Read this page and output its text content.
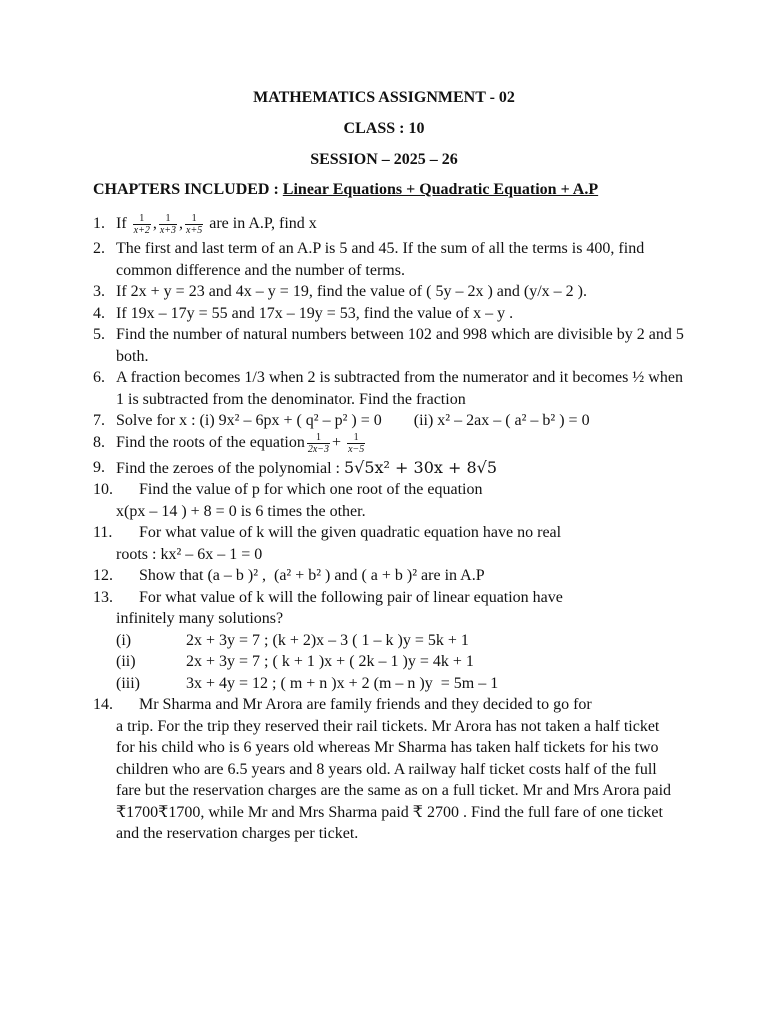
MATHEMATICS ASSIGNMENT - 02
CLASS : 10
SESSION – 2025 – 26
CHAPTERS INCLUDED : Linear Equations + Quadratic Equation + A.P
1. If $\frac{1}{x+2}$ , $\frac{1}{x+3}$ , $\frac{1}{x+5}$ are in A.P, find x
2. The first and last term of an A.P is 5 and 45. If the sum of all the terms is 400, find common difference and the number of terms.
3. If 2x + y = 23 and 4x – y = 19, find the value of ( 5y – 2x ) and (y/x – 2 ).
4. If 19x – 17y = 55 and 17x – 19y = 53, find the value of x – y .
5. Find the number of natural numbers between 102 and 998 which are divisible by 2 and 5 both.
6. A fraction becomes 1/3 when 2 is subtracted from the numerator and it becomes ½ when 1 is subtracted from the denominator. Find the fraction
7. Solve for x : (i) 9x² – 6px + ( q² – p² ) = 0        (ii) x² – 2ax – ( a² – b² ) = 0
8. Find the roots of the equation $\frac{1}{2x-3} + \frac{1}{x-5}$
9. Find the zeroes of the polynomial : 5√5x² + 30x + 8√5
10.	Find the value of p for which one root of the equation
x(px – 14 ) + 8 = 0 is 6 times the other.
11.	For what value of k will the given quadratic equation have no real
roots : kx² – 6x – 1 = 0
12.	Show that (a – b )² ,  (a² + b² ) and ( a + b )² are in A.P
13.	For what value of k will the following pair of linear equation have
infinitely many solutions?
(i)	2x + 3y = 7 ; (k + 2)x – 3 ( 1 – k )y = 5k + 1
(ii)	2x + 3y = 7 ; ( k + 1 )x + ( 2k – 1 )y = 4k + 1
(iii)	3x + 4y = 12 ; ( m + n )x + 2 (m – n )y  = 5m – 1
14.	Mr Sharma and Mr Arora are family friends and they decided to go for
a trip. For the trip they reserved their rail tickets. Mr Arora has not taken a half ticket for his child who is 6 years old whereas Mr Sharma has taken half tickets for his two children who are 6.5 years and 8 years old. A railway half ticket costs half of the full fare but the reservation charges are the same as on a full ticket. Mr and Mrs Arora paid ₹1700₹1700, while Mr and Mrs Sharma paid ₹ 2700 . Find the full fare of one ticket and the reservation charges per ticket.
